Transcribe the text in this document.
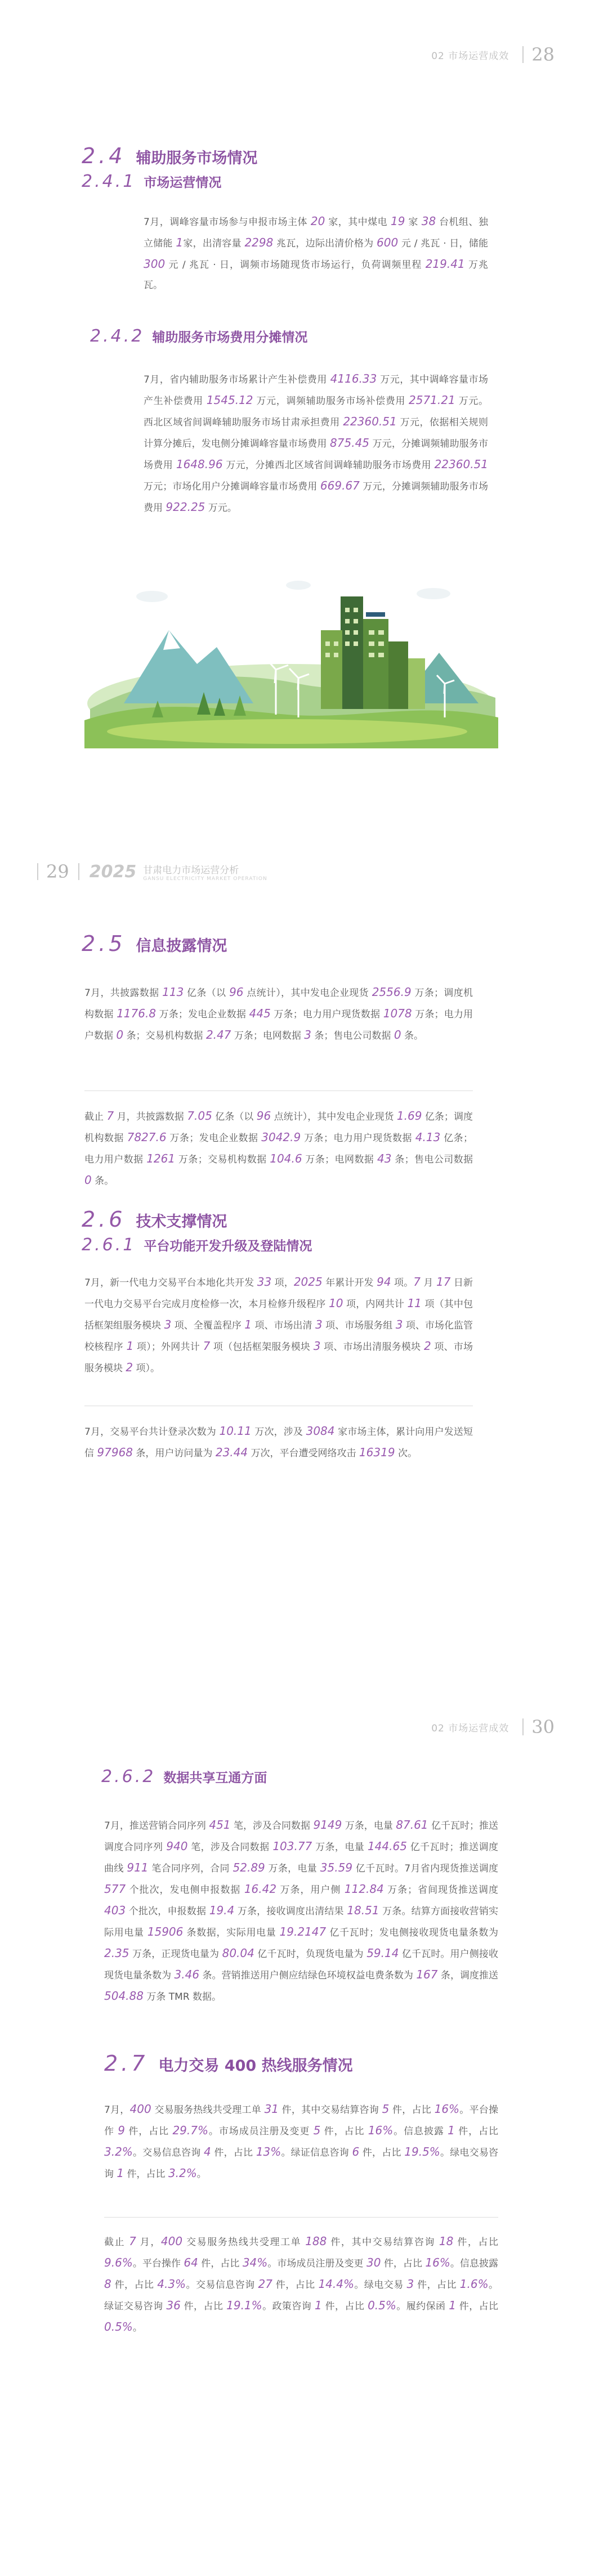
02 市场运营成效 28
2.4 辅助服务市场情况
2.4.1 市场运营情况

7月，调峰容量市场参与申报市场主体 20 家，其中煤电 19 家 38 台机组、独立储能 1家，出清容量 2298 兆瓦，边际出清价格为 600 元 / 兆瓦 · 日，储能 300 元 / 兆瓦 · 日，调频市场随现货市场运行，负荷调频里程 219.41 万兆瓦。

2.4.2 辅助服务市场费用分摊情况

7月，省内辅助服务市场累计产生补偿费用 4116.33 万元，其中调峰容量市场产生补偿费用 1545.12 万元，调频辅助服务市场补偿费用 2571.21 万元。西北区域省间调峰辅助服务市场甘肃承担费用 22360.51 万元，依据相关规则计算分摊后，发电侧分摊调峰容量市场费用 875.45 万元，分摊调频辅助服务市场费用 1648.96 万元，分摊西北区域省间调峰辅助服务市场费用 22360.51 万元；市场化用户分摊调峰容量市场费用 669.67 万元，分摊调频辅助服务市场费用 922.25 万元。

29 2025 甘肃电力市场运营分析
GANSU ELECTRICITY MARKET OPERATION
2.5 信息披露情况

7月，共披露数据 113 亿条（以 96 点统计），其中发电企业现货 2556.9 万条；调度机构数据 1176.8 万条；发电企业数据 445 万条；电力用户现货数据 1078 万条；电力用户数据 0 条；交易机构数据 2.47 万条；电网数据 3 条；售电公司数据 0 条。

截止 7 月，共披露数据 7.05 亿条（以 96 点统计），其中发电企业现货 1.69 亿条；调度机构数据 7827.6 万条；发电企业数据 3042.9 万条；电力用户现货数据 4.13 亿条；电力用户数据 1261 万条；交易机构数据 104.6 万条；电网数据 43 条；售电公司数据 0 条。

2.6 技术支撑情况
2.6.1 平台功能开发升级及登陆情况

7月，新一代电力交易平台本地化共开发 33 项，2025 年累计开发 94 项。7 月 17 日新一代电力交易平台完成月度检修一次，本月检修升级程序 10 项，内网共计 11 项（其中包括框架组服务模块 3 项、全覆盖程序 1 项、市场出清 3 项、市场服务组 3 项、市场化监管校核程序 1 项）；外网共计 7 项（包括框架服务模块 3 项、市场出清服务模块 2 项、市场服务模块 2 项）。

7月，交易平台共计登录次数为 10.11 万次，涉及 3084 家市场主体，累计向用户发送短信 97968 条，用户访问量为 23.44 万次，平台遭受网络攻击 16319 次。

02 市场运营成效 30
2.6.2 数据共享互通方面

7月，推送营销合同序列 451 笔，涉及合同数据 9149 万条，电量 87.61 亿千瓦时；推送调度合同序列 940 笔，涉及合同数据 103.77 万条，电量 144.65 亿千瓦时；推送调度曲线 911 笔合同序列，合同 52.89 万条，电量 35.59 亿千瓦时。7月省内现货推送调度 577 个批次，发电侧申报数据 16.42 万条，用户侧 112.84 万条；省间现货推送调度 403 个批次，申报数据 19.4 万条，接收调度出清结果 18.51 万条。结算方面接收营销实际用电量 15906 条数据，实际用电量 19.2147 亿千瓦时；发电侧接收现货电量条数为 2.35 万条，正现货电量为 80.04 亿千瓦时，负现货电量为 59.14 亿千瓦时。用户侧接收现货电量条数为 3.46 条。营销推送用户侧应结绿色环境权益电费条数为 167 条，调度推送 504.88 万条 TMR 数据。

2.7 电力交易 400 热线服务情况

7月，400 交易服务热线共受理工单 31 件，其中交易结算咨询 5 件，占比 16%。平台操作 9 件，占比 29.7%。市场成员注册及变更 5 件，占比 16%。信息披露 1 件，占比 3.2%。交易信息咨询 4 件，占比 13%。绿证信息咨询 6 件，占比 19.5%。绿电交易咨询 1 件，占比 3.2%。

截止 7 月，400 交易服务热线共受理工单 188 件，其中交易结算咨询 18 件，占比 9.6%。平台操作 64 件，占比 34%。市场成员注册及变更 30 件，占比 16%。信息披露 8 件，占比 4.3%。交易信息咨询 27 件，占比 14.4%。绿电交易 3 件，占比 1.6%。绿证交易咨询 36 件，占比 19.1%。政策咨询 1 件，占比 0.5%。履约保函 1 件，占比 0.5%。
